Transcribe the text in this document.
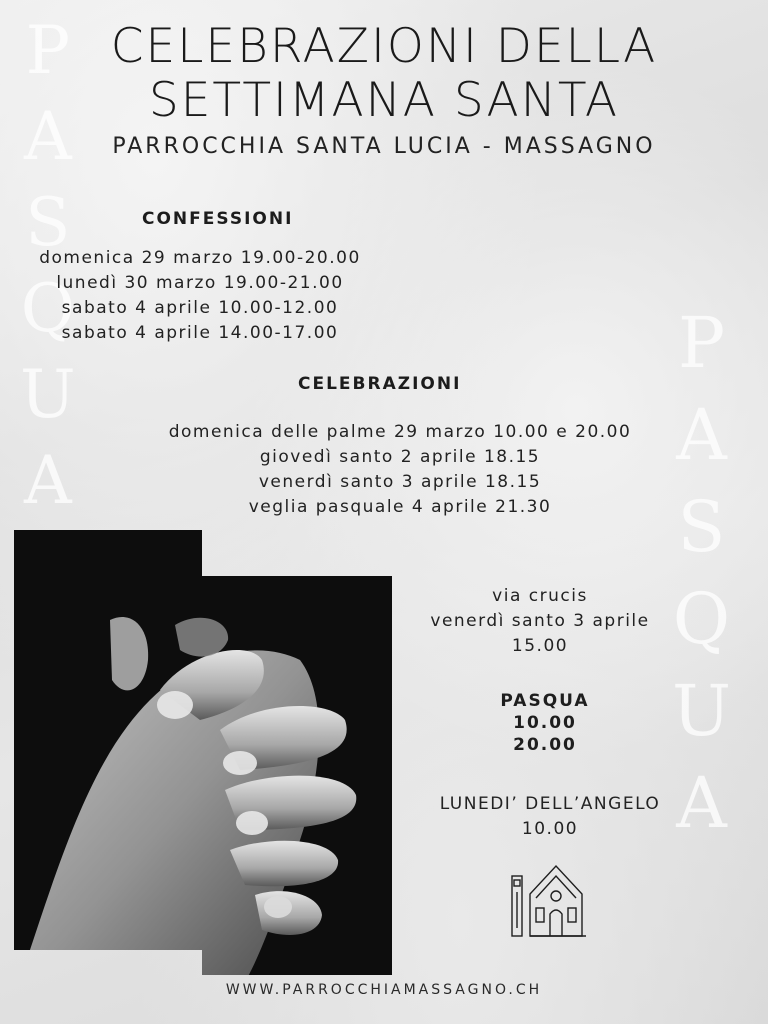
P
A
S
Q
U
A
P
A
S
Q
U
A
CELEBRAZIONI DELLA
SETTIMANA SANTA
PARROCCHIA SANTA LUCIA - MASSAGNO
CONFESSIONI
domenica 29 marzo 19.00-20.00
lunedì 30 marzo 19.00-21.00
sabato 4 aprile 10.00-12.00
sabato 4 aprile 14.00-17.00
CELEBRAZIONI
domenica delle palme 29 marzo 10.00 e 20.00
giovedì santo 2 aprile 18.15
venerdì santo 3 aprile 18.15
veglia pasquale 4 aprile 21.30
via crucis
venerdì santo 3 aprile
15.00
PASQUA
10.00
20.00
LUNEDI’ DELL’ANGELO
10.00
WWW.PARROCCHIAMASSAGNO.CH
